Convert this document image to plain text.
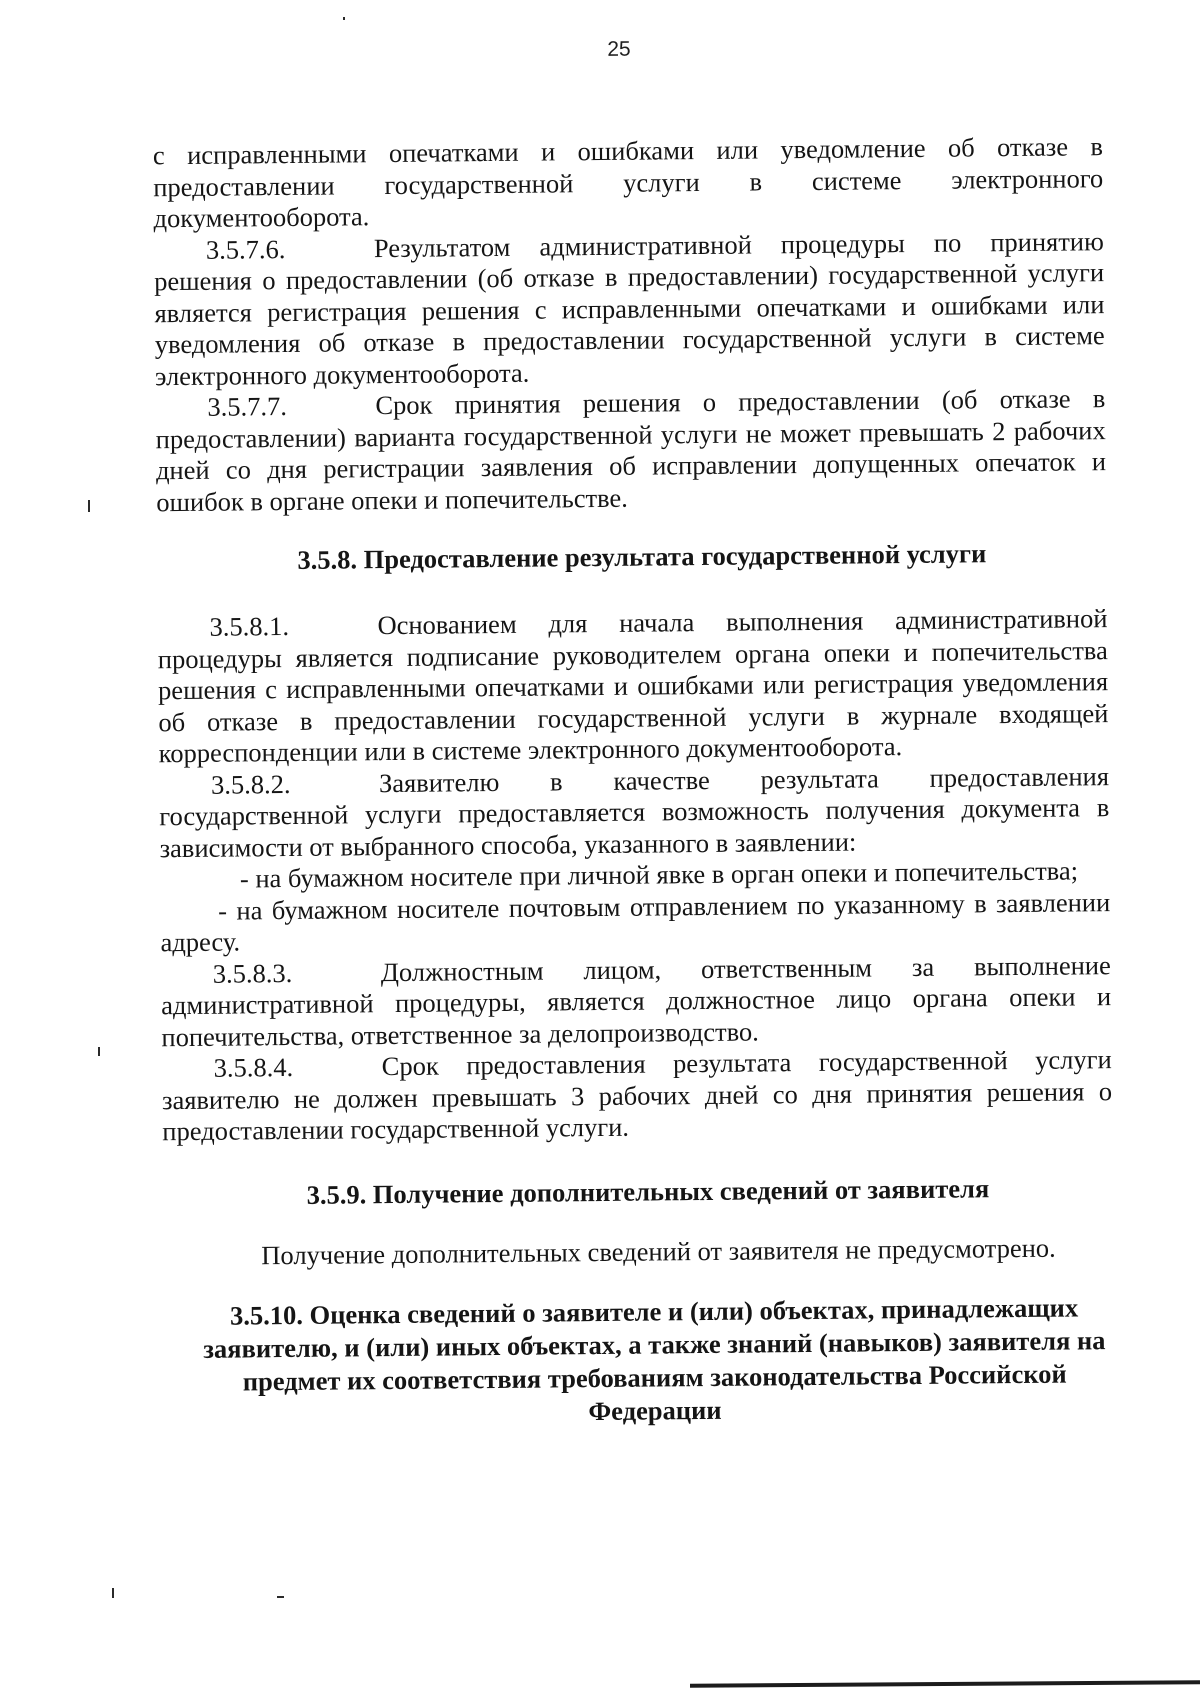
25

с исправленными опечатками и ошибками или уведомление об отказе в предоставлении государственной услуги в системе электронного документооборота.

3.5.7.6.	Результатом административной процедуры по принятию решения о предоставлении (об отказе в предоставлении) государственной услуги является регистрация решения с исправленными опечатками и ошибками или уведомления об отказе в предоставлении государственной услуги в системе электронного документооборота.

3.5.7.7.	Срок принятия решения о предоставлении (об отказе в предоставлении) варианта государственной услуги не может превышать 2 рабочих дней со дня регистрации заявления об исправлении допущенных опечаток и ошибок в органе опеки и попечительстве.

3.5.8. Предоставление результата государственной услуги

3.5.8.1.	Основанием для начала выполнения административной процедуры является подписание руководителем органа опеки и попечительства решения с исправленными опечатками и ошибками или регистрация уведомления об отказе в предоставлении государственной услуги в журнале входящей корреспонденции или в системе электронного документооборота.

3.5.8.2.	Заявителю в качестве результата предоставления государственной услуги предоставляется возможность получения документа в зависимости от выбранного способа, указанного в заявлении:

- на бумажном носителе при личной явке в орган опеки и попечительства;

- на бумажном носителе почтовым отправлением по указанному в заявлении адресу.

3.5.8.3.	Должностным лицом, ответственным за выполнение административной процедуры, является должностное лицо органа опеки и попечительства, ответственное за делопроизводство.

3.5.8.4.	Срок предоставления результата государственной услуги заявителю не должен превышать 3 рабочих дней со дня принятия решения о предоставлении государственной услуги.

3.5.9. Получение дополнительных сведений от заявителя

Получение дополнительных сведений от заявителя не предусмотрено.

3.5.10. Оценка сведений о заявителе и (или) объектах, принадлежащих заявителю, и (или) иных объектах, а также знаний (навыков) заявителя на предмет их соответствия требованиям законодательства Российской Федерации
